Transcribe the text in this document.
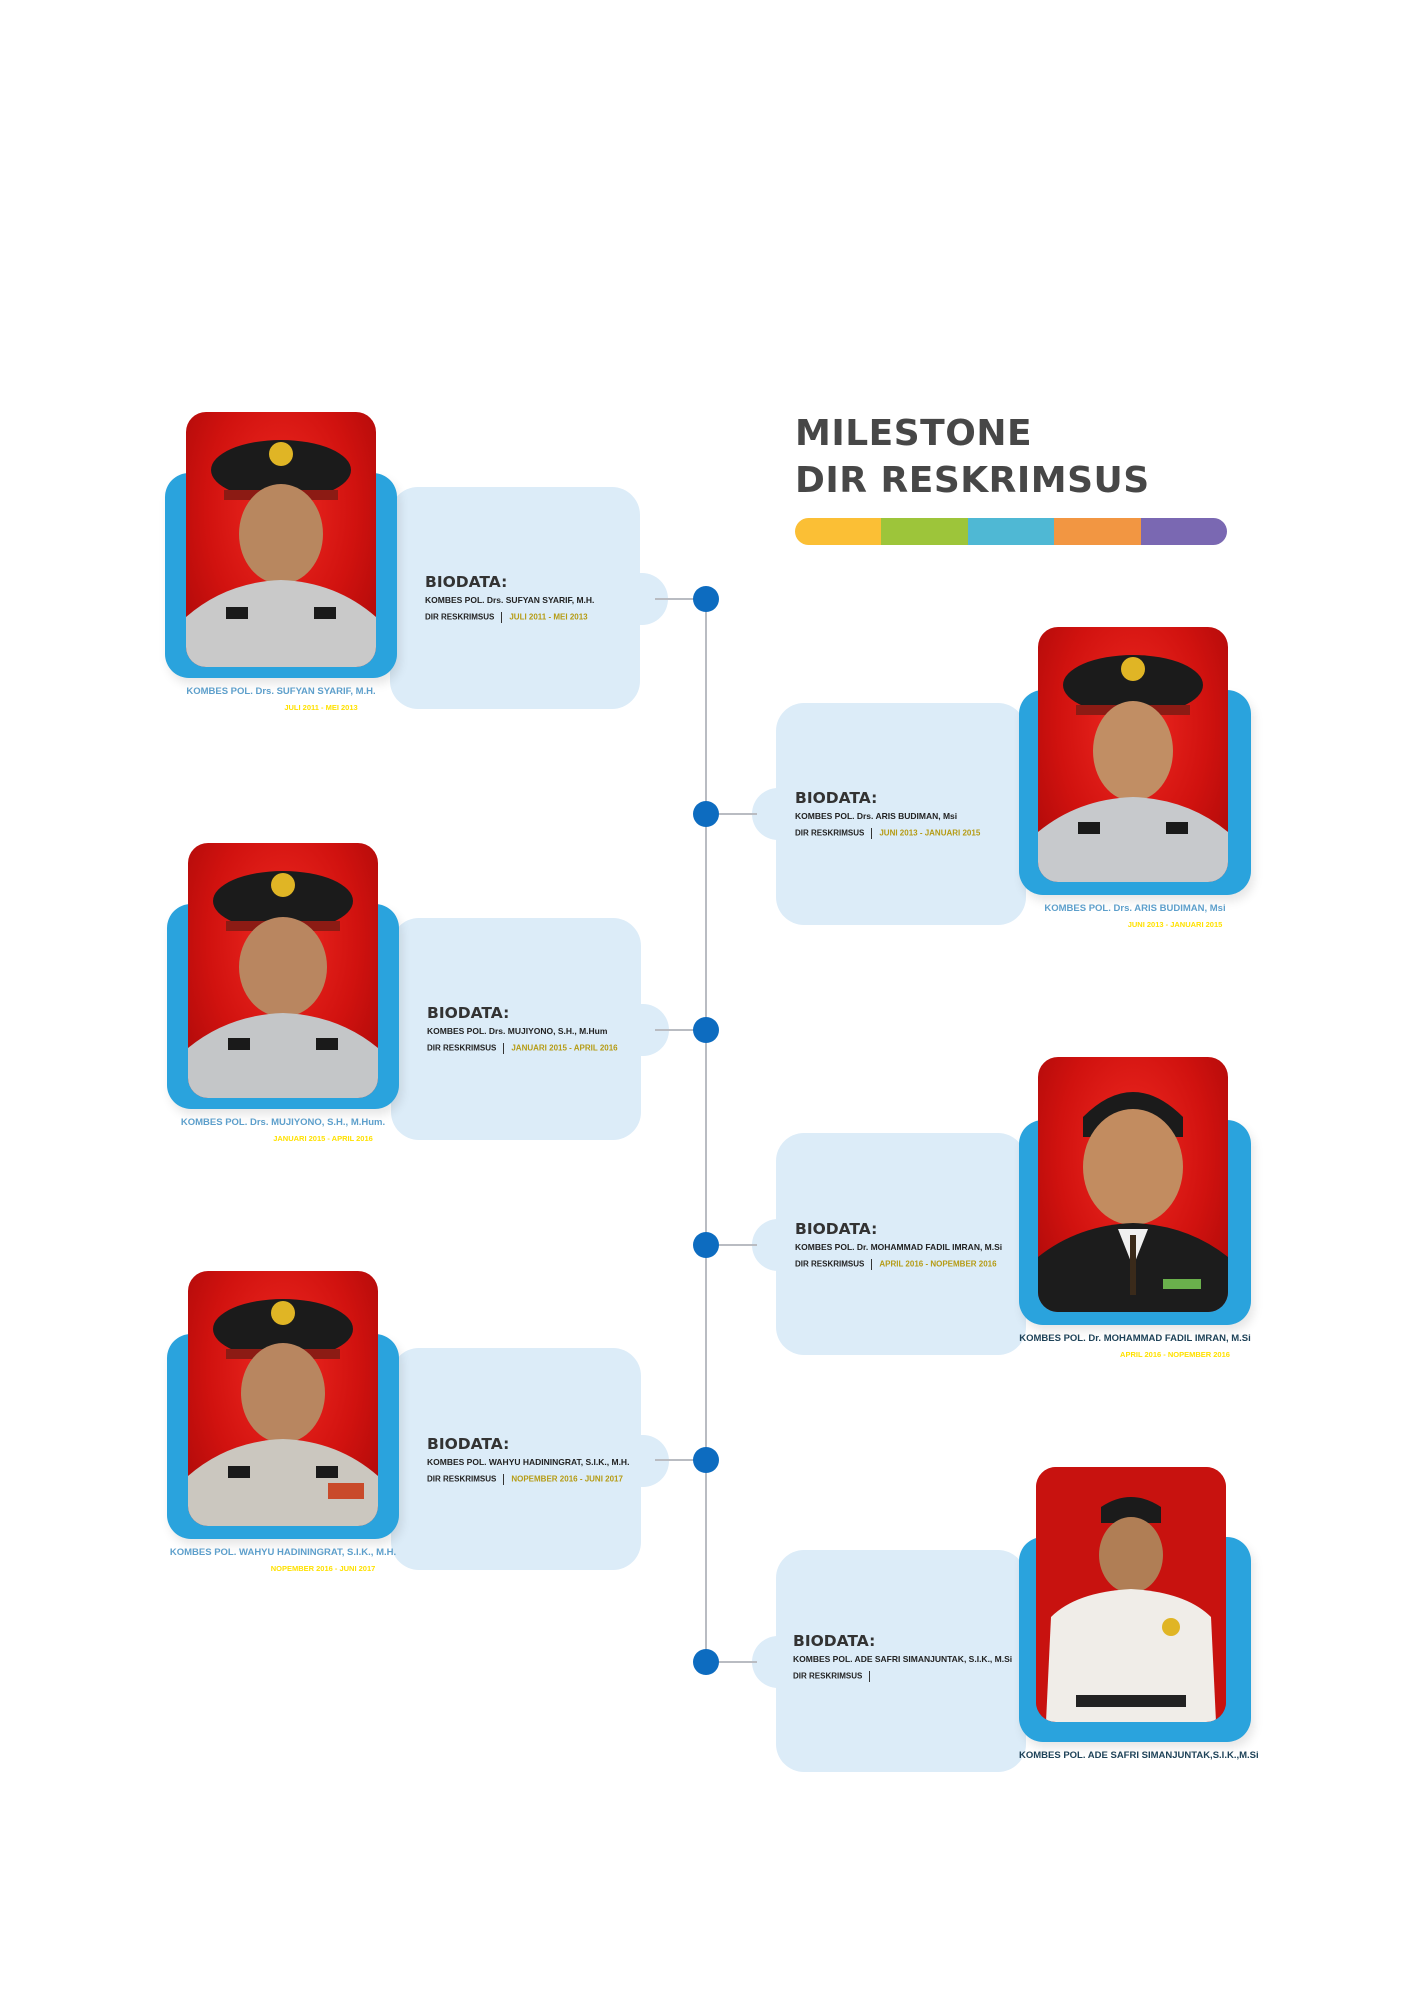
MILESTONE
DIR RESKRIMSUS
BIODATA:
KOMBES POL. Drs. SUFYAN SYARIF, M.H.
DIR RESKRIMSUS JULI 2011 - MEI 2013
KOMBES POL. Drs. SUFYAN SYARIF, M.H.
DIR RESKRIMSUS JULI 2011 - MEI 2013
BIODATA:
KOMBES POL. Drs. ARIS BUDIMAN, Msi
DIR RESKRIMSUS JUNI 2013 - JANUARI 2015
KOMBES POL. Drs. ARIS BUDIMAN, Msi
DIR RESKRIMSUS JUNI 2013 - JANUARI 2015
BIODATA:
KOMBES POL. Drs. MUJIYONO, S.H., M.Hum
DIR RESKRIMSUS JANUARI 2015 - APRIL 2016
KOMBES POL. Drs. MUJIYONO, S.H., M.Hum.
DIR RESKRIMSUS JANUARI 2015 - APRIL 2016
BIODATA:
KOMBES POL. Dr. MOHAMMAD FADIL IMRAN, M.Si
DIR RESKRIMSUS APRIL 2016 - NOPEMBER 2016
KOMBES POL. Dr. MOHAMMAD FADIL IMRAN, M.Si
DIR RESKRIMSUS APRIL 2016 - NOPEMBER 2016
BIODATA:
KOMBES POL. WAHYU HADININGRAT, S.I.K., M.H.
DIR RESKRIMSUS NOPEMBER 2016 - JUNI 2017
KOMBES POL. WAHYU HADININGRAT, S.I.K., M.H.
DIR RESKRIMSUS NOPEMBER 2016 - JUNI 2017
BIODATA:
KOMBES POL. ADE SAFRI SIMANJUNTAK, S.I.K., M.Si
DIR RESKRIMSUS
KOMBES POL. ADE SAFRI SIMANJUNTAK,S.I.K.,M.Si
DIR RESKRIMSUS
